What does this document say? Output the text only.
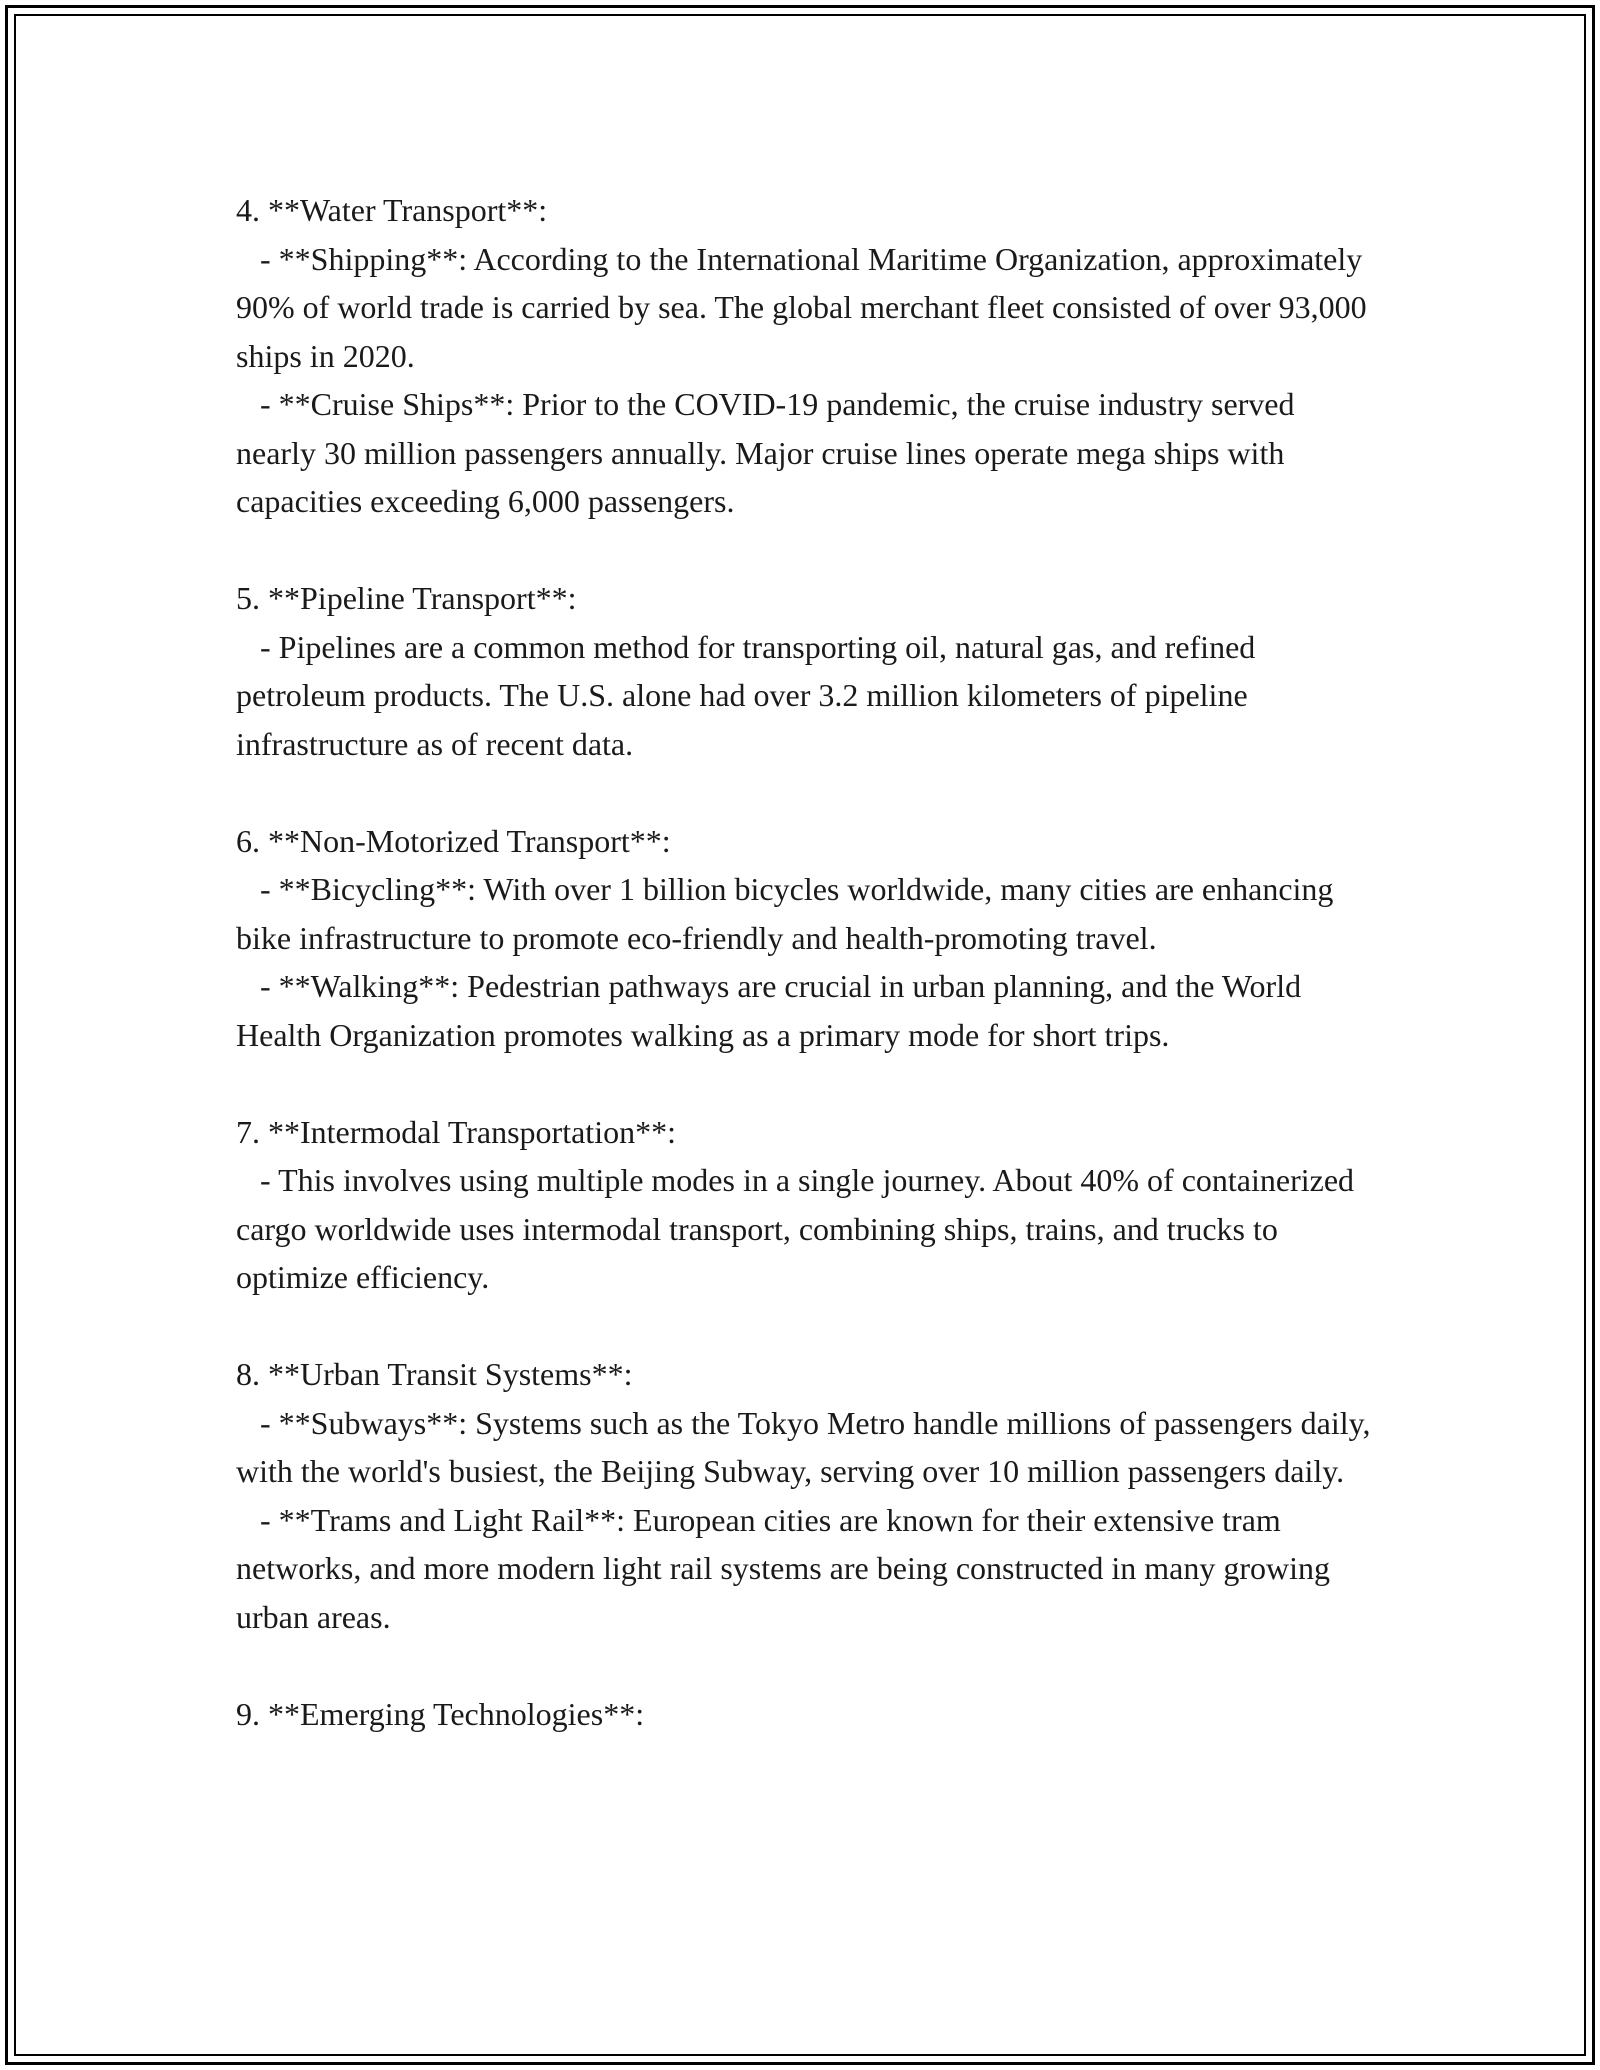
4. **Water Transport**:

- **Shipping**: According to the International Maritime Organization, approximately 90% of world trade is carried by sea. The global merchant fleet consisted of over 93,000 ships in 2020.

- **Cruise Ships**: Prior to the COVID-19 pandemic, the cruise industry served nearly 30 million passengers annually. Major cruise lines operate mega ships with capacities exceeding 6,000 passengers.

5. **Pipeline Transport**:

- Pipelines are a common method for transporting oil, natural gas, and refined petroleum products. The U.S. alone had over 3.2 million kilometers of pipeline infrastructure as of recent data.

6. **Non-Motorized Transport**:

- **Bicycling**: With over 1 billion bicycles worldwide, many cities are enhancing bike infrastructure to promote eco-friendly and health-promoting travel.

- **Walking**: Pedestrian pathways are crucial in urban planning, and the World Health Organization promotes walking as a primary mode for short trips.

7. **Intermodal Transportation**:

- This involves using multiple modes in a single journey. About 40% of containerized cargo worldwide uses intermodal transport, combining ships, trains, and trucks to optimize efficiency.

8. **Urban Transit Systems**:

- **Subways**: Systems such as the Tokyo Metro handle millions of passengers daily, with the world's busiest, the Beijing Subway, serving over 10 million passengers daily.

- **Trams and Light Rail**: European cities are known for their extensive tram networks, and more modern light rail systems are being constructed in many growing urban areas.

9. **Emerging Technologies**:
